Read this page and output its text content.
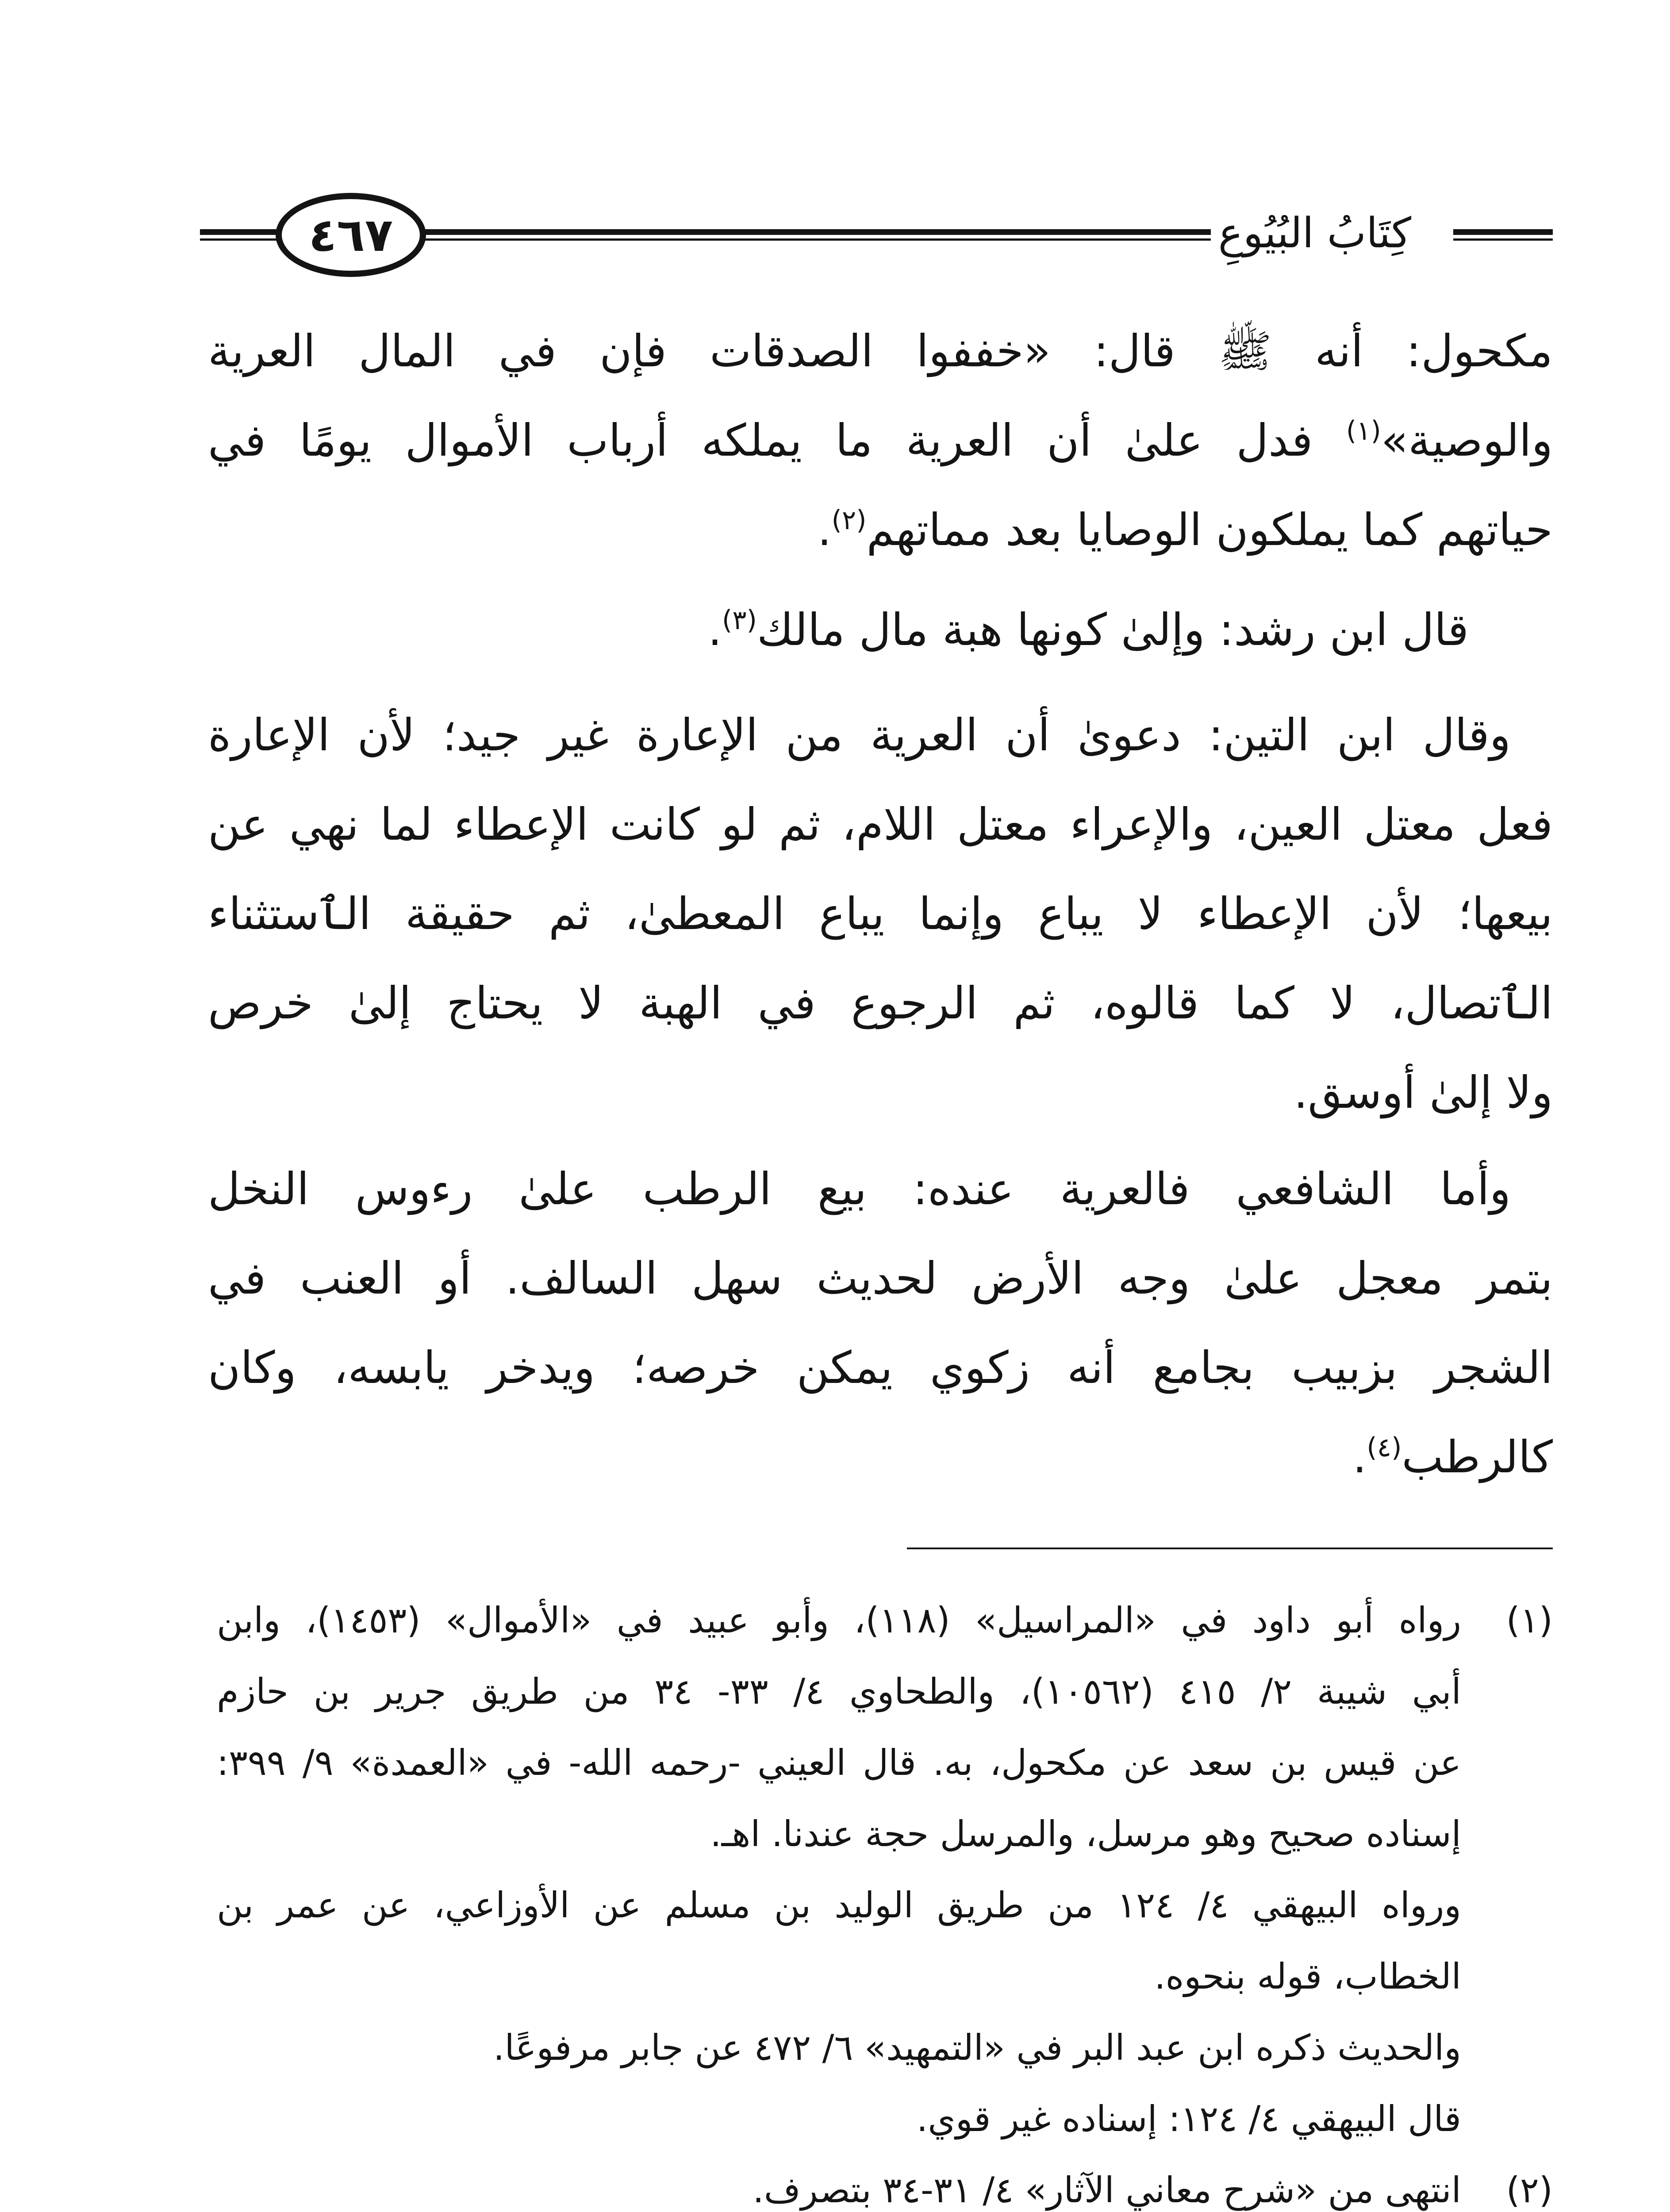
كِتَابُ البُيُوعِ
٤٦٧
مكحول: أنه ﷺ قال: «خففوا الصدقات فإن في المال العرية
والوصية»$^{(١)}$ فدل علىٰ أن العرية ما يملكه أرباب الأموال يومًا في
حياتهم كما يملكون الوصايا بعد مماتهم$^{(٢)}$.
قال ابن رشد: وإلىٰ كونها هبة مال مالك$^{(٣)}$.
وقال ابن التين: دعوىٰ أن العرية من الإعارة غير جيد؛ لأن الإعارة
فعل معتل العين، والإعراء معتل اللام، ثم لو كانت الإعطاء لما نهي عن
بيعها؛ لأن الإعطاء لا يباع وإنما يباع المعطىٰ، ثم حقيقة الٱستثناء
الٱتصال، لا كما قالوه، ثم الرجوع في الهبة لا يحتاج إلىٰ خرص
ولا إلىٰ أوسق.
وأما الشافعي فالعرية عنده: بيع الرطب علىٰ رءوس النخل
بتمر معجل علىٰ وجه الأرض لحديث سهل السالف. أو العنب في
الشجر بزبيب بجامع أنه زكوي يمكن خرصه؛ ويدخر يابسه، وكان
كالرطب$^{(٤)}$.
(١)
رواه أبو داود في «المراسيل» (١١٨)، وأبو عبيد في «الأموال» (١٤٥٣)، وابن
أبي شيبة ٢/ ٤١٥ (١٠٥٦٢)، والطحاوي ٤/ ٣٣- ٣٤ من طريق جرير بن حازم
عن قيس بن سعد عن مكحول، به. قال العيني -رحمه الله- في «العمدة» ٩/ ٣٩٩:
إسناده صحيح وهو مرسل، والمرسل حجة عندنا. اهـ.
ورواه البيهقي ٤/ ١٢٤ من طريق الوليد بن مسلم عن الأوزاعي، عن عمر بن
الخطاب، قوله بنحوه.
والحديث ذكره ابن عبد البر في «التمهيد» ٦/ ٤٧٢ عن جابر مرفوعًا.
قال البيهقي ٤/ ١٢٤: إسناده غير قوي.
(٢)
انتهى من «شرح معاني الآثار» ٤/ ٣١-٣٤ بتصرف.
